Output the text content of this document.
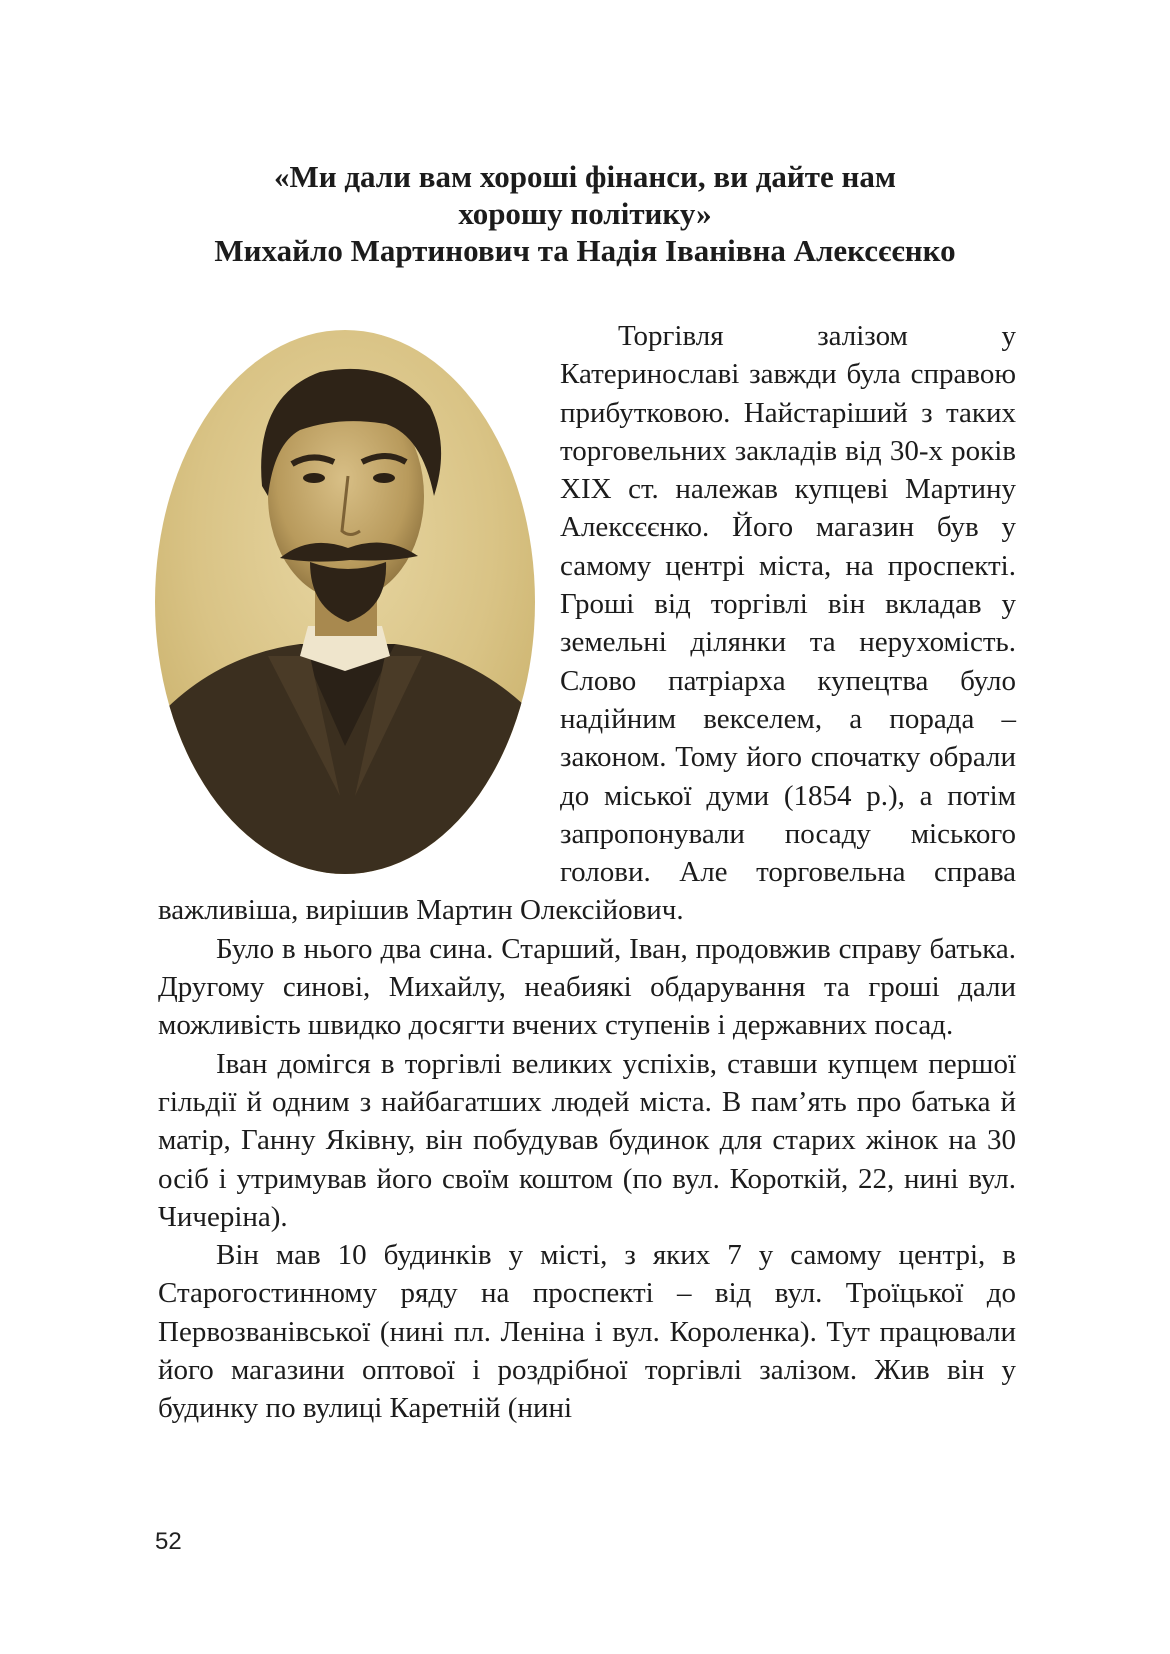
«Ми дали вам хороші фінанси, ви дайте нам
хорошу політику»
Михайло Мартинович та Надія Іванівна Алексєєнко

Торгівля залізом у Катеринославі завжди була справою прибутковою. Найстаріший з таких торговельних закладів від 30-х років XIX ст. належав купцеві Мартину Алексєєнко. Його магазин був у самому центрі міста, на проспекті. Гроші від торгівлі він вкладав у земельні ділянки та нерухомість. Слово патріарха купецтва було надійним векселем, а порада – законом. Тому його спочатку обрали до міської думи (1854 р.), а потім запропонували посаду міського голови. Але торговельна справа важливіша, вирішив Мартин Олексійович.

Було в нього два сина. Старший, Іван, продовжив справу батька. Другому синові, Михайлу, неабиякі обдарування та гроші дали можливість швидко досягти вчених ступенів і державних посад.

Іван домігся в торгівлі великих успіхів, ставши купцем першої гільдії й одним з найбагатших людей міста. В пам’ять про батька й матір, Ганну Яківну, він побудував будинок для старих жінок на 30 осіб і утримував його своїм коштом (по вул. Короткій, 22, нині вул. Чичеріна).

Він мав 10 будинків у місті, з яких 7 у самому центрі, в Старогостинному ряду на проспекті – від вул. Троїцької до Первозванівської (нині пл. Леніна і вул. Короленка). Тут працювали його магазини оптової і роздрібної торгівлі залізом. Жив він у будинку по вулиці Каретній (нині

52
